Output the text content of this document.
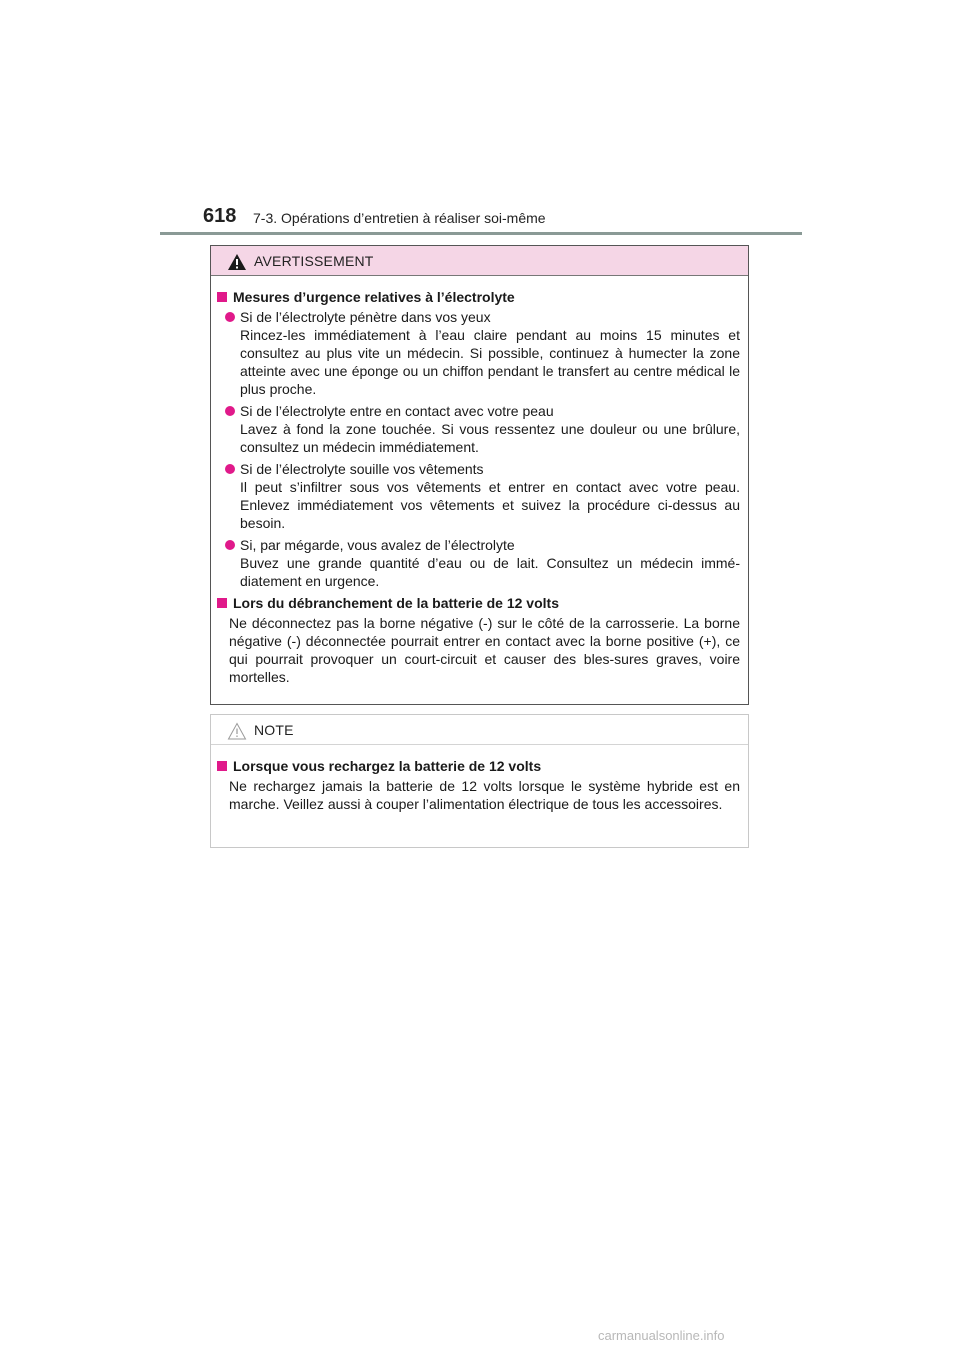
618 7-3. Opérations d’entretien à réaliser soi-même
AVERTISSEMENT
Mesures d’urgence relatives à l’électrolyte
Si de l’électrolyte pénètre dans vos yeux
Rincez-les immédiatement à l’eau claire pendant au moins 15 minutes et consultez au plus vite un médecin. Si possible, continuez à humecter la zone atteinte avec une éponge ou un chiffon pendant le transfert au centre médical le plus proche.
Si de l’électrolyte entre en contact avec votre peau
Lavez à fond la zone touchée. Si vous ressentez une douleur ou une brûlure, consultez un médecin immédiatement.
Si de l’électrolyte souille vos vêtements
Il peut s’infiltrer sous vos vêtements et entrer en contact avec votre peau. Enlevez immédiatement vos vêtements et suivez la procédure ci-dessus au besoin.
Si, par mégarde, vous avalez de l’électrolyte
Buvez une grande quantité d’eau ou de lait. Consultez un médecin immé-diatement en urgence.
Lors du débranchement de la batterie de 12 volts
Ne déconnectez pas la borne négative (-) sur le côté de la carrosserie. La borne négative (-) déconnectée pourrait entrer en contact avec la borne positive (+), ce qui pourrait provoquer un court-circuit et causer des bles-sures graves, voire mortelles.
NOTE
Lorsque vous rechargez la batterie de 12 volts
Ne rechargez jamais la batterie de 12 volts lorsque le système hybride est en marche. Veillez aussi à couper l’alimentation électrique de tous les accessoires.
carmanualsonline.info
